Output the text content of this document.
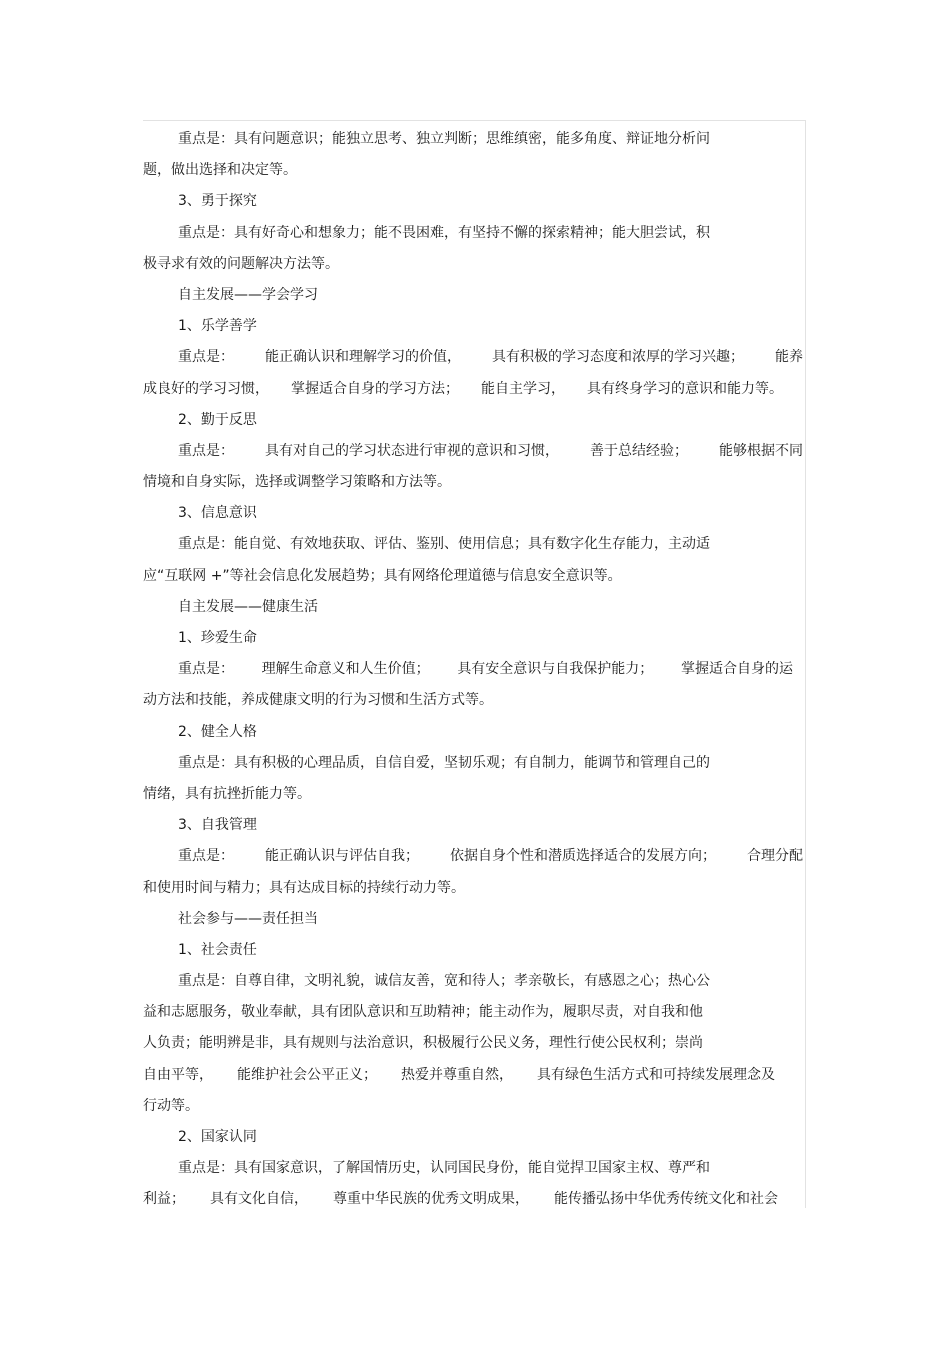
重点是：具有问题意识；能独立思考、独立判断；思维缜密，能多角度、辩证地分析问
题，做出选择和决定等。
3、勇于探究
重点是：具有好奇心和想象力；能不畏困难，有坚持不懈的探索精神；能大胆尝试，积
极寻求有效的问题解决方法等。
自主发展——学会学习
1、乐学善学
重点是： 能正确认识和理解学习的价值， 具有积极的学习态度和浓厚的学习兴趣； 能养
成良好的学习习惯， 掌握适合自身的学习方法； 能自主学习， 具有终身学习的意识和能力等。
2、勤于反思
重点是： 具有对自己的学习状态进行审视的意识和习惯， 善于总结经验； 能够根据不同
情境和自身实际，选择或调整学习策略和方法等。
3、信息意识
重点是：能自觉、有效地获取、评估、鉴别、使用信息；具有数字化生存能力，主动适
应“互联网 +”等社会信息化发展趋势；具有网络伦理道德与信息安全意识等。
自主发展——健康生活
1、珍爱生命
重点是： 理解生命意义和人生价值； 具有安全意识与自我保护能力； 掌握适合自身的运
动方法和技能，养成健康文明的行为习惯和生活方式等。
2、健全人格
重点是：具有积极的心理品质，自信自爱，坚韧乐观；有自制力，能调节和管理自己的
情绪，具有抗挫折能力等。
3、自我管理
重点是： 能正确认识与评估自我； 依据自身个性和潜质选择适合的发展方向； 合理分配
和使用时间与精力；具有达成目标的持续行动力等。
社会参与——责任担当
1、社会责任
重点是：自尊自律，文明礼貌，诚信友善，宽和待人；孝亲敬长，有感恩之心；热心公
益和志愿服务，敬业奉献，具有团队意识和互助精神；能主动作为，履职尽责，对自我和他
人负责；能明辨是非，具有规则与法治意识，积极履行公民义务，理性行使公民权利；崇尚
自由平等， 能维护社会公平正义； 热爱并尊重自然， 具有绿色生活方式和可持续发展理念及
行动等。
2、国家认同
重点是：具有国家意识，了解国情历史，认同国民身份，能自觉捍卫国家主权、尊严和
利益； 具有文化自信， 尊重中华民族的优秀文明成果， 能传播弘扬中华优秀传统文化和社会
